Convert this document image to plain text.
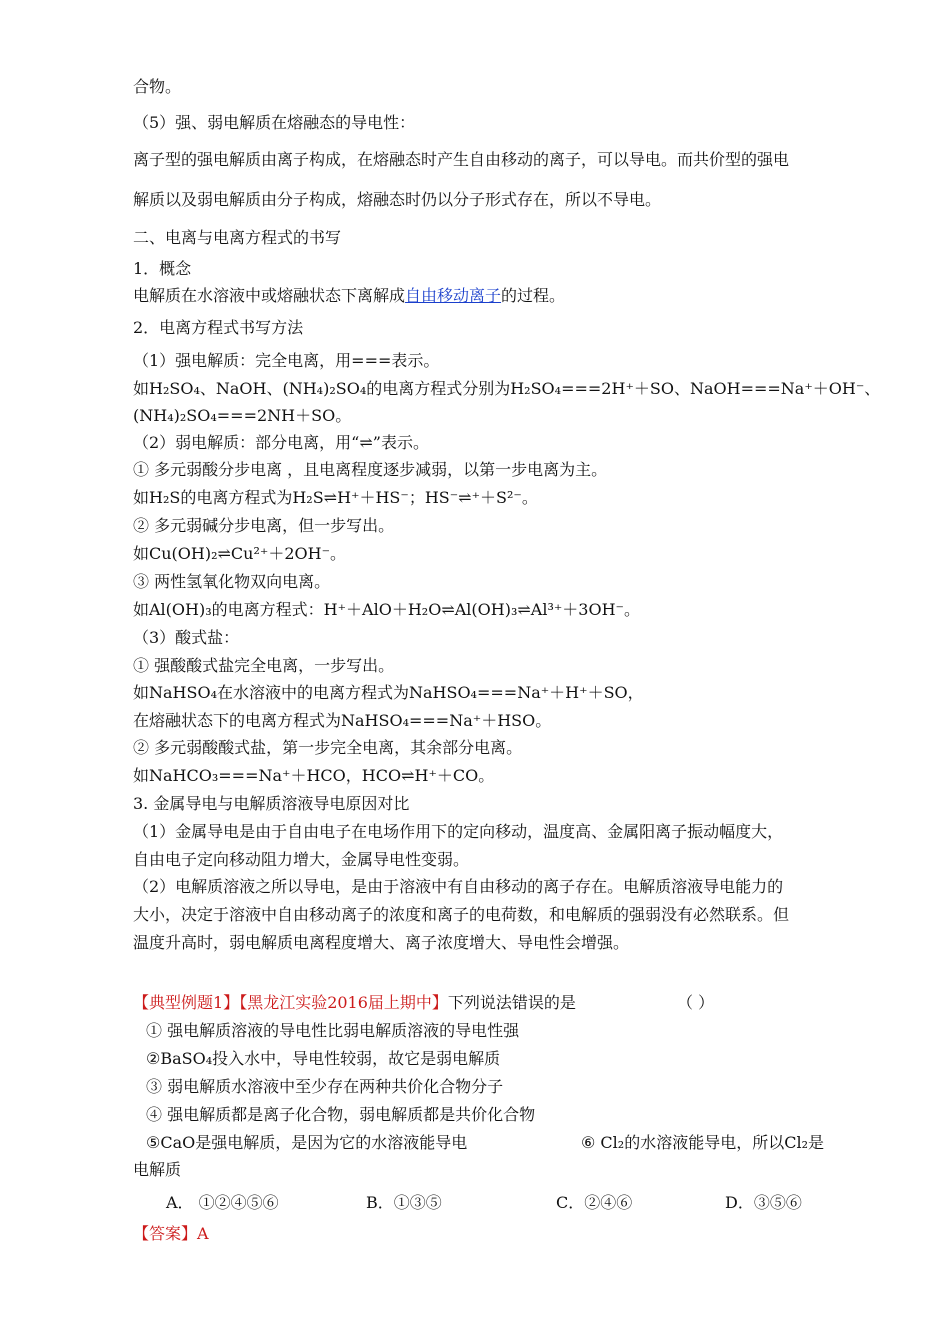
合物。
（5）强、弱电解质在熔融态的导电性：
离子型的强电解质由离子构成，在熔融态时产生自由移动的离子，可以导电。而共价型的强电
解质以及弱电解质由分子构成，熔融态时仍以分子形式存在，所以不导电。
二、电离与电离方程式的书写
1．概念
电解质在水溶液中或熔融状态下离解成自由移动离子的过程。
2．电离方程式书写方法
（1）强电解质：完全电离，用===表示。
如H₂SO₄、NaOH、(NH₄)₂SO₄的电离方程式分别为H₂SO₄===2H⁺＋SO、NaOH===Na⁺＋OH⁻、
(NH₄)₂SO₄===2NH＋SO。
（2）弱电解质：部分电离，用“⇌”表示。
① 多元弱酸分步电离 ，且电离程度逐步减弱，以第一步电离为主。
如H₂S的电离方程式为H₂S⇌H⁺＋HS⁻；HS⁻⇌⁺＋S²⁻。
② 多元弱碱分步电离，但一步写出。
如Cu(OH)₂⇌Cu²⁺＋2OH⁻。
③ 两性氢氧化物双向电离。
如Al(OH)₃的电离方程式：H⁺＋AlO＋H₂O⇌Al(OH)₃⇌Al³⁺＋3OH⁻。
（3）酸式盐：
① 强酸酸式盐完全电离，一步写出。
如NaHSO₄在水溶液中的电离方程式为NaHSO₄===Na⁺＋H⁺＋SO，
在熔融状态下的电离方程式为NaHSO₄===Na⁺＋HSO。
② 多元弱酸酸式盐，第一步完全电离，其余部分电离。
如NaHCO₃===Na⁺＋HCO，HCO⇌H⁺＋CO。
3. 金属导电与电解质溶液导电原因对比
（1）金属导电是由于自由电子在电场作用下的定向移动，温度高、金属阳离子振动幅度大，
自由电子定向移动阻力增大，金属导电性变弱。
（2）电解质溶液之所以导电，是由于溶液中有自由移动的离子存在。电解质溶液导电能力的
大小，决定于溶液中自由移动离子的浓度和离子的电荷数，和电解质的强弱没有必然联系。但
温度升高时，弱电解质电离程度增大、离子浓度增大、导电性会增强。
【典型例题1】【黑龙江实验2016届上期中】下列说法错误的是	（ ）
① 强电解质溶液的导电性比弱电解质溶液的导电性强
②BaSO₄投入水中，导电性较弱，故它是弱电解质
③ 弱电解质水溶液中至少存在两种共价化合物分子
④ 强电解质都是离子化合物，弱电解质都是共价化合物
⑤CaO是强电解质，是因为它的水溶液能导电	⑥ Cl₂的水溶液能导电，所以Cl₂是
电解质
A． ①②④⑤⑥	B．①③⑤	C．②④⑥	D．③⑤⑥
【答案】A
